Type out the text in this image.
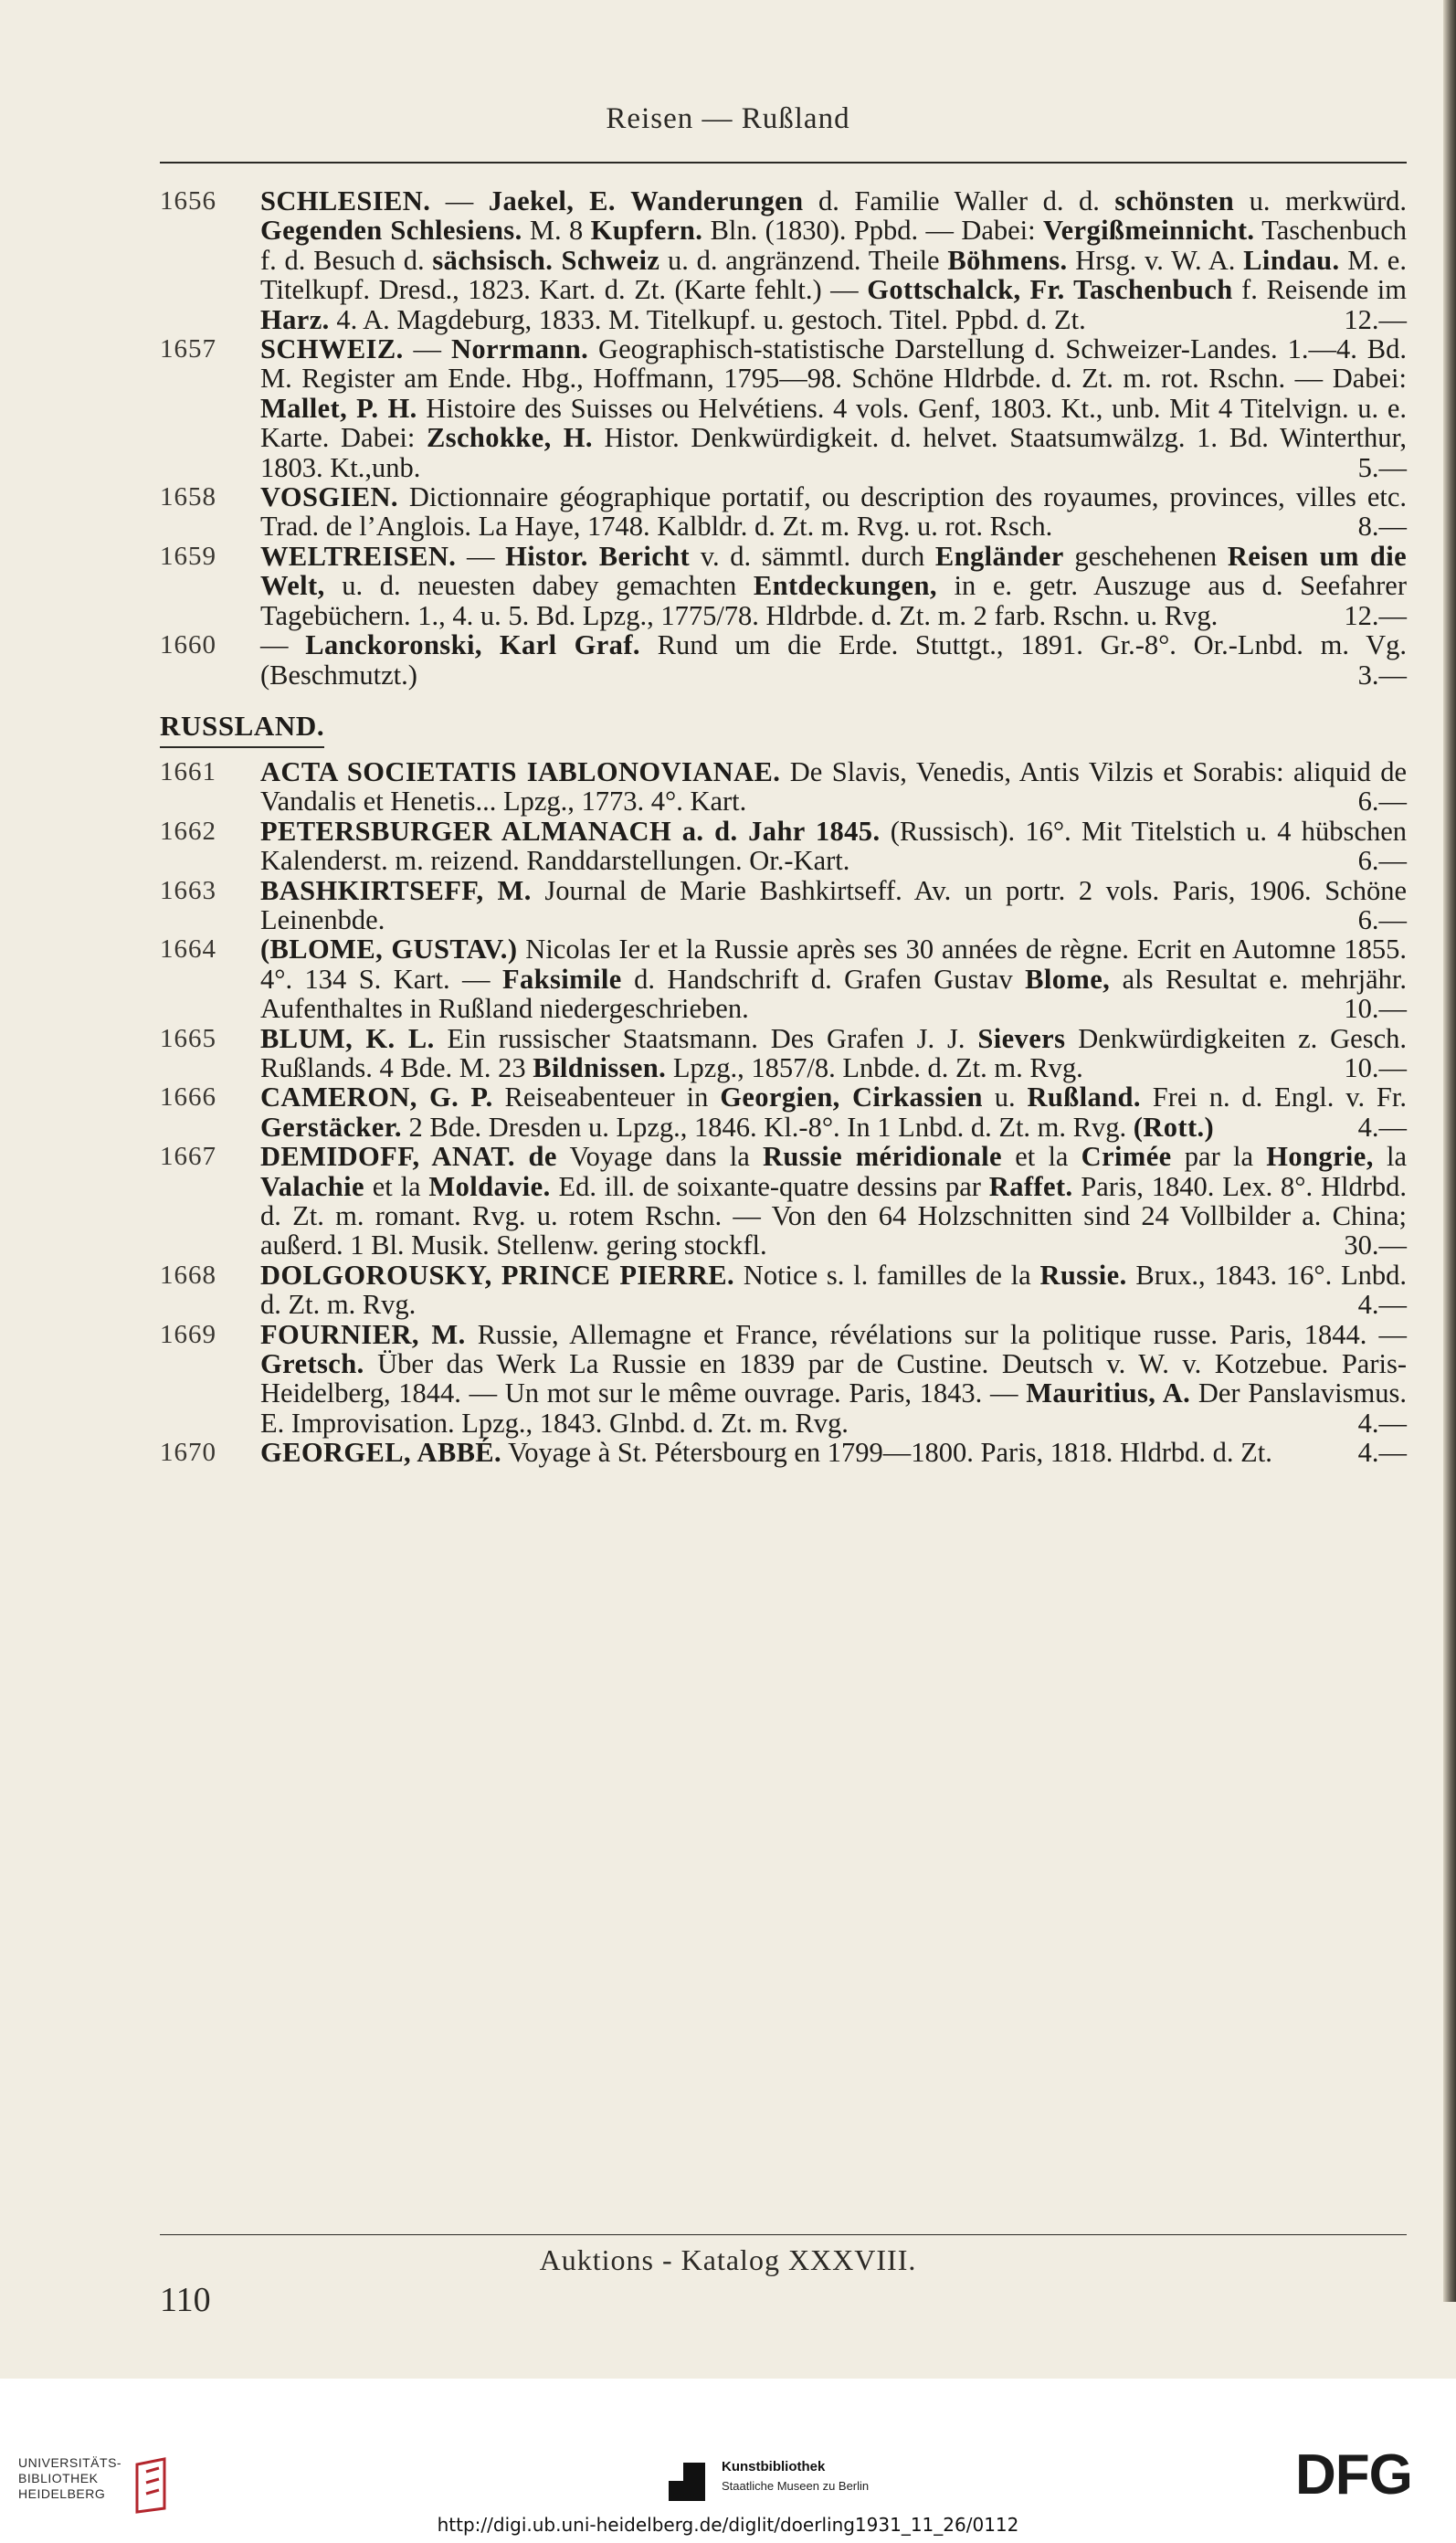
Reisen — Rußland
1656	SCHLESIEN. — Jaekel, E. Wanderungen d. Familie Waller d. d. schönsten u. merkwürd. Gegenden Schlesiens. M. 8 Kupfern. Bln. (1830). Ppbd. — Dabei: Vergißmeinnicht. Taschenbuch f. d. Besuch d. sächsisch. Schweiz u. d. angränzend. Theile Böhmens. Hrsg. v. W. A. Lindau. M. e. Titelkupf. Dresd., 1823. Kart. d. Zt. (Karte fehlt.) — Gottschalck, Fr. Taschenbuch f. Reisende im Harz. 4. A. Magdeburg, 1833. M. Titelkupf. u. gestoch. Titel. Ppbd. d. Zt.	12.—
1657	SCHWEIZ. — Norrmann. Geographisch-statistische Darstellung d. Schweizer-Landes. 1.—4. Bd. M. Register am Ende. Hbg., Hoffmann, 1795—98. Schöne Hldrbde. d. Zt. m. rot. Rschn. — Dabei: Mallet, P. H. Histoire des Suisses ou Helvétiens. 4 vols. Genf, 1803. Kt., unb. Mit 4 Titelvign. u. e. Karte. Dabei: Zschokke, H. Histor. Denkwürdigkeit. d. helvet. Staatsumwälzg. 1. Bd. Winterthur, 1803. Kt.,unb.	5.—
1658	VOSGIEN. Dictionnaire géographique portatif, ou description des royaumes, provinces, villes etc. Trad. de l’Anglois. La Haye, 1748. Kalbldr. d. Zt. m. Rvg. u. rot. Rsch.	8.—
1659	WELTREISEN. — Histor. Bericht v. d. sämmtl. durch Engländer geschehenen Reisen um die Welt, u. d. neuesten dabey gemachten Entdeckungen, in e. getr. Auszuge aus d. Seefahrer Tagebüchern. 1., 4. u. 5. Bd. Lpzg., 1775/78. Hldrbde. d. Zt. m. 2 farb. Rschn. u. Rvg.	12.—
1660	— Lanckoronski, Karl Graf. Rund um die Erde. Stuttgt., 1891. Gr.-8°. Or.-Lnbd. m. Vg. (Beschmutzt.)	3.—
RUSSLAND.
1661	ACTA SOCIETATIS IABLONOVIANAE. De Slavis, Venedis, Antis Vilzis et Sorabis: aliquid de Vandalis et Henetis... Lpzg., 1773. 4°. Kart.	6.—
1662	PETERSBURGER ALMANACH a. d. Jahr 1845. (Russisch). 16°. Mit Titelstich u. 4 hübschen Kalenderst. m. reizend. Randdarstellungen. Or.-Kart.	6.—
1663	BASHKIRTSEFF, M. Journal de Marie Bashkirtseff. Av. un portr. 2 vols. Paris, 1906. Schöne Leinenbde.	6.—
1664	(BLOME, GUSTAV.) Nicolas Ier et la Russie après ses 30 années de règne. Ecrit en Automne 1855. 4°. 134 S. Kart. — Faksimile d. Handschrift d. Grafen Gustav Blome, als Resultat e. mehrjähr. Aufenthaltes in Rußland niedergeschrieben.	10.—
1665	BLUM, K. L. Ein russischer Staatsmann. Des Grafen J. J. Sievers Denkwürdigkeiten z. Gesch. Rußlands. 4 Bde. M. 23 Bildnissen. Lpzg., 1857/8. Lnbde. d. Zt. m. Rvg.	10.—
1666	CAMERON, G. P. Reiseabenteuer in Georgien, Cirkassien u. Rußland. Frei n. d. Engl. v. Fr. Gerstäcker. 2 Bde. Dresden u. Lpzg., 1846. Kl.-8°. In 1 Lnbd. d. Zt. m. Rvg. (Rott.)	4.—
1667	DEMIDOFF, ANAT. de Voyage dans la Russie méridionale et la Crimée par la Hongrie, la Valachie et la Moldavie. Ed. ill. de soixante-quatre dessins par Raffet. Paris, 1840. Lex. 8°. Hldrbd. d. Zt. m. romant. Rvg. u. rotem Rschn. — Von den 64 Holzschnitten sind 24 Vollbilder a. China; außerd. 1 Bl. Musik. Stellenw. gering stockfl.	30.—
1668	DOLGOROUSKY, PRINCE PIERRE. Notice s. l. familles de la Russie. Brux., 1843. 16°. Lnbd. d. Zt. m. Rvg.	4.—
1669	FOURNIER, M. Russie, Allemagne et France, révélations sur la politique russe. Paris, 1844. — Gretsch. Über das Werk La Russie en 1839 par de Custine. Deutsch v. W. v. Kotzebue. Paris-Heidelberg, 1844. — Un mot sur le même ouvrage. Paris, 1843. — Mauritius, A. Der Panslavismus. E. Improvisation. Lpzg., 1843. Glnbd. d. Zt. m. Rvg.	4.—
1670	GEORGEL, ABBÉ. Voyage à St. Pétersbourg en 1799—1800. Paris, 1818. Hldrbd. d. Zt.	4.—
Auktions - Katalog XXXVIII.
110
UNIVERSITÄTS-
BIBLIOTHEK
HEIDELBERG
Kunstbibliothek
Staatliche Museen zu Berlin	DFG
http://digi.ub.uni-heidelberg.de/diglit/doerling1931_11_26/0112
